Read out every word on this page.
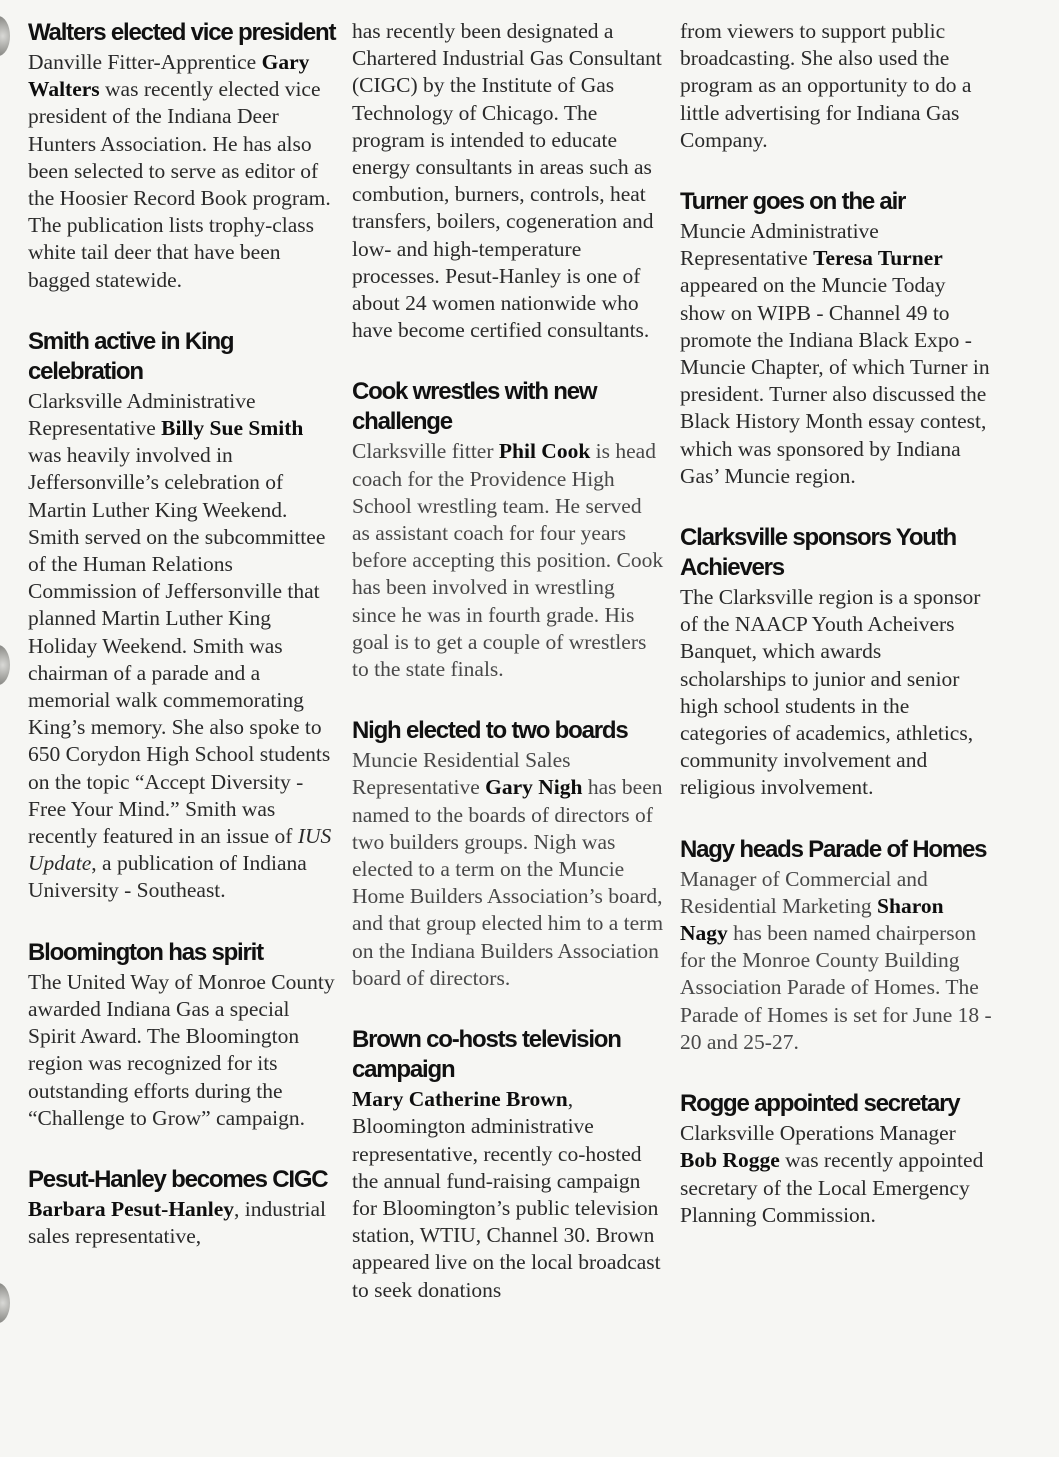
Walters elected vice president

Danville Fitter-Apprentice Gary Walters was recently elected vice president of the Indiana Deer Hunters Association. He has also been selected to serve as editor of the Hoosier Record Book program. The publication lists trophy-class white tail deer that have been bagged statewide.

Smith active in King celebration

Clarksville Administrative Representative Billy Sue Smith was heavily involved in Jeffersonville’s celebration of Martin Luther King Weekend. Smith served on the subcommittee of the Human Relations Commission of Jeffersonville that planned Martin Luther King Holiday Weekend. Smith was chairman of a parade and a memorial walk commemorating King’s memory. She also spoke to 650 Corydon High School students on the topic “Accept Diversity - Free Your Mind.” Smith was recently featured in an issue of IUS Update, a publication of Indiana University - Southeast.

Bloomington has spirit

The United Way of Monroe County awarded Indiana Gas a special Spirit Award. The Bloomington region was recognized for its outstanding efforts during the “Challenge to Grow” campaign.

Pesut-Hanley becomes CIGC

Barbara Pesut-Hanley, industrial sales representative,

has recently been designated a Chartered Industrial Gas Consultant (CIGC) by the Institute of Gas Technology of Chicago. The program is intended to educate energy consultants in areas such as combution, burners, controls, heat transfers, boilers, cogeneration and low- and high-temperature processes. Pesut-Hanley is one of about 24 women nationwide who have become certified consultants.

Cook wrestles with new challenge

Clarksville fitter Phil Cook is head coach for the Providence High School wrestling team. He served as assistant coach for four years before accepting this position. Cook has been involved in wrestling since he was in fourth grade. His goal is to get a couple of wrestlers to the state finals.

Nigh elected to two boards

Muncie Residential Sales Representative Gary Nigh has been named to the boards of directors of two builders groups. Nigh was elected to a term on the Muncie Home Builders Association’s board, and that group elected him to a term on the Indiana Builders Association board of directors.

Brown co-hosts television campaign

Mary Catherine Brown, Bloomington administrative representative, recently co-hosted the annual fund-raising campaign for Bloomington’s public television station, WTIU, Channel 30. Brown appeared live on the local broadcast to seek donations

from viewers to support public broadcasting. She also used the program as an opportunity to do a little advertising for Indiana Gas Company.

Turner goes on the air

Muncie Administrative Representative Teresa Turner appeared on the Muncie Today show on WIPB - Channel 49 to promote the Indiana Black Expo - Muncie Chapter, of which Turner in president. Turner also discussed the Black History Month essay contest, which was sponsored by Indiana Gas’ Muncie region.

Clarksville sponsors Youth Achievers

The Clarksville region is a sponsor of the NAACP Youth Acheivers Banquet, which awards scholarships to junior and senior high school students in the categories of academics, athletics, community involvement and religious involvement.

Nagy heads Parade of Homes

Manager of Commercial and Residential Marketing Sharon Nagy has been named chairperson for the Monroe County Building Association Parade of Homes. The Parade of Homes is set for June 18 - 20 and 25-27.

Rogge appointed secretary

Clarksville Operations Manager Bob Rogge was recently appointed secretary of the Local Emergency Planning Commission.
